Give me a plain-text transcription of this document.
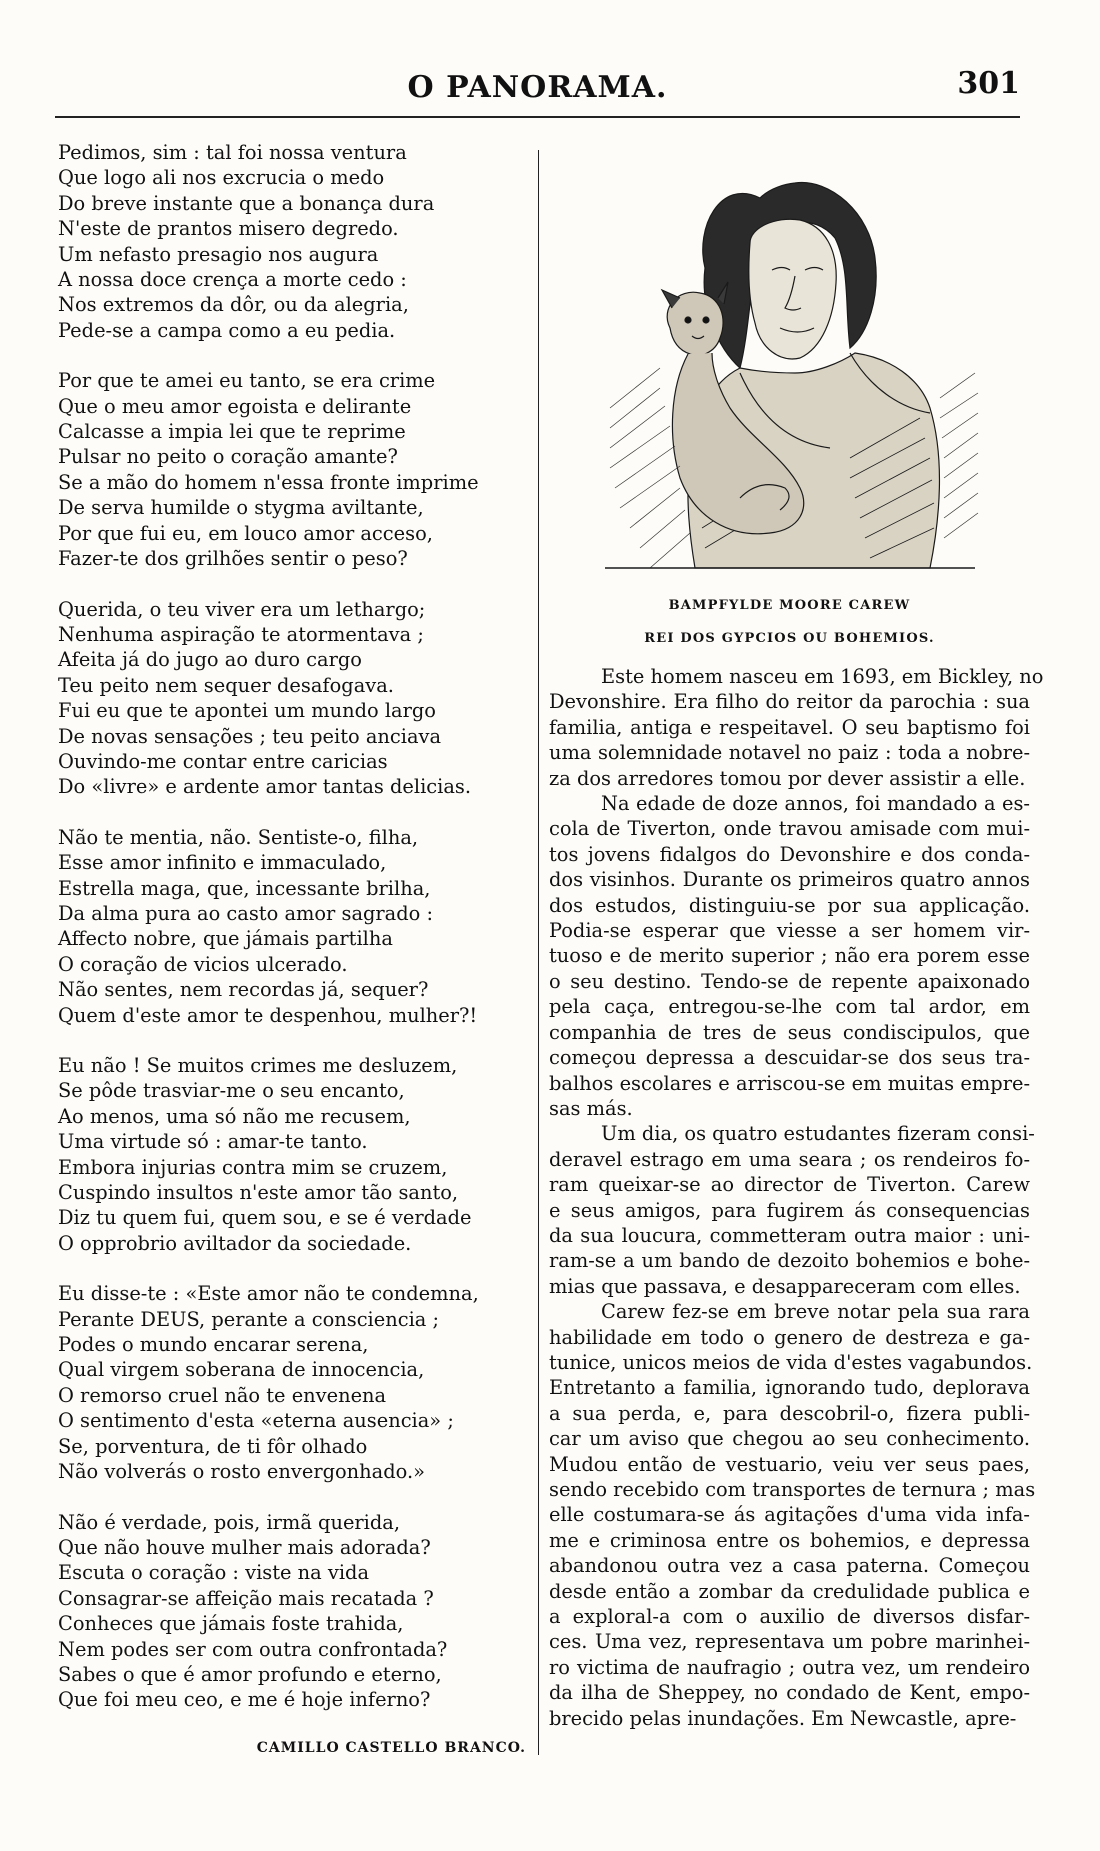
O PANORAMA.	301
Pedimos, sim : tal foi nossa ventura
Que logo ali nos excrucia o medo
Do breve instante que a bonança dura
N'este de prantos misero degredo.
Um nefasto presagio nos augura
A nossa doce crença a morte cedo :
Nos extremos da dôr, ou da alegria,
Pede-se a campa como a eu pedia.
Por que te amei eu tanto, se era crime
Que o meu amor egoista e delirante
Calcasse a impia lei que te reprime
Pulsar no peito o coração amante?
Se a mão do homem n'essa fronte imprime
De serva humilde o stygma aviltante,
Por que fui eu, em louco amor acceso,
Fazer-te dos grilhões sentir o peso?
Querida, o teu viver era um lethargo;
Nenhuma aspiração te atormentava ;
Afeita já do jugo ao duro cargo
Teu peito nem sequer desafogava.
Fui eu que te apontei um mundo largo
De novas sensações ; teu peito anciava
Ouvindo-me contar entre caricias
Do «livre» e ardente amor tantas delicias.
Não te mentia, não. Sentiste-o, filha,
Esse amor infinito e immaculado,
Estrella maga, que, incessante brilha,
Da alma pura ao casto amor sagrado :
Affecto nobre, que jámais partilha
O coração de vicios ulcerado.
Não sentes, nem recordas já, sequer?
Quem d'este amor te despenhou, mulher?!
Eu não ! Se muitos crimes me desluzem,
Se pôde trasviar-me o seu encanto,
Ao menos, uma só não me recusem,
Uma virtude só : amar-te tanto.
Embora injurias contra mim se cruzem,
Cuspindo insultos n'este amor tão santo,
Diz tu quem fui, quem sou, e se é verdade
O opprobrio aviltador da sociedade.
Eu disse-te : «Este amor não te condemna,
Perante DEUS, perante a consciencia ;
Podes o mundo encarar serena,
Qual virgem soberana de innocencia,
O remorso cruel não te envenena
O sentimento d'esta «eterna ausencia» ;
Se, porventura, de ti fôr olhado
Não volverás o rosto envergonhado.»
Não é verdade, pois, irmã querida,
Que não houve mulher mais adorada?
Escuta o coração : viste na vida
Consagrar-se affeição mais recatada ?
Conheces que jámais foste trahida,
Nem podes ser com outra confrontada?
Sabes o que é amor profundo e eterno,
Que foi meu ceo, e me é hoje inferno?
CAMILLO CASTELLO BRANCO.
BAMPFYLDE MOORE CAREW
REI DOS GYPCIOS OU BOHEMIOS.

Este homem nasceu em 1693, em Bickley, no
Devonshire. Era filho do reitor da parochia : sua
familia, antiga e respeitavel. O seu baptismo foi
uma solemnidade notavel no paiz : toda a nobre-
za dos arredores tomou por dever assistir a elle.

Na edade de doze annos, foi mandado a es-
cola de Tiverton, onde travou amisade com mui-
tos jovens fidalgos do Devonshire e dos conda-
dos visinhos. Durante os primeiros quatro annos
dos estudos, distinguiu-se por sua applicação.
Podia-se esperar que viesse a ser homem vir-
tuoso e de merito superior ; não era porem esse
o seu destino. Tendo-se de repente apaixonado
pela caça, entregou-se-lhe com tal ardor, em
companhia de tres de seus condiscipulos, que
começou depressa a descuidar-se dos seus tra-
balhos escolares e arriscou-se em muitas empre-
sas más.

Um dia, os quatro estudantes fizeram consi-
deravel estrago em uma seara ; os rendeiros fo-
ram queixar-se ao director de Tiverton. Carew
e seus amigos, para fugirem ás consequencias
da sua loucura, commetteram outra maior : uni-
ram-se a um bando de dezoito bohemios e bohe-
mias que passava, e desappareceram com elles.

Carew fez-se em breve notar pela sua rara
habilidade em todo o genero de destreza e ga-
tunice, unicos meios de vida d'estes vagabundos.
Entretanto a familia, ignorando tudo, deplorava
a sua perda, e, para descobril-o, fizera publi-
car um aviso que chegou ao seu conhecimento.
Mudou então de vestuario, veiu ver seus paes,
sendo recebido com transportes de ternura ; mas
elle costumara-se ás agitações d'uma vida infa-
me e criminosa entre os bohemios, e depressa
abandonou outra vez a casa paterna. Começou
desde então a zombar da credulidade publica e
a exploral-a com o auxilio de diversos disfar-
ces. Uma vez, representava um pobre marinhei-
ro victima de naufragio ; outra vez, um rendeiro
da ilha de Sheppey, no condado de Kent, empo-
brecido pelas inundações. Em Newcastle, apre-
